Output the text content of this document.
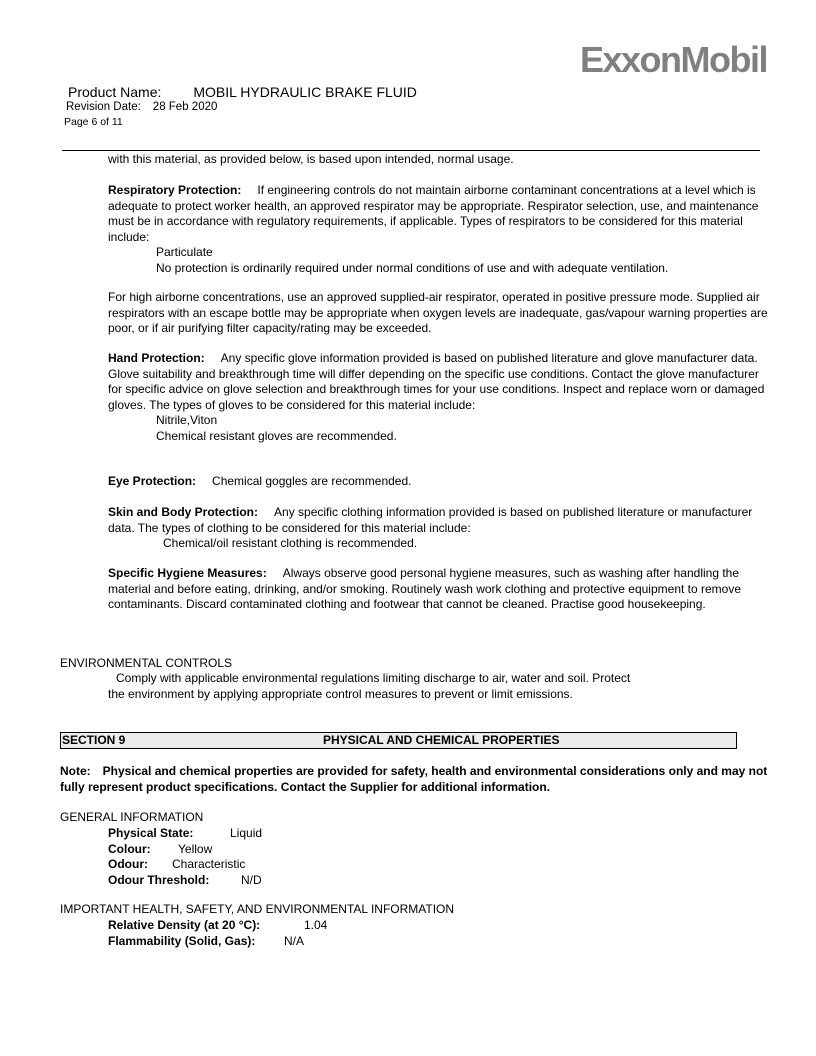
ExxonMobil
Product Name: MOBIL HYDRAULIC BRAKE FLUID
Revision Date: 28 Feb 2020
Page 6 of 11
with this material, as provided below, is based upon intended, normal usage.
Respiratory Protection: If engineering controls do not maintain airborne contaminant concentrations at a level which is adequate to protect worker health, an approved respirator may be appropriate. Respirator selection, use, and maintenance must be in accordance with regulatory requirements, if applicable. Types of respirators to be considered for this material include:
Particulate
No protection is ordinarily required under normal conditions of use and with adequate ventilation.
For high airborne concentrations, use an approved supplied-air respirator, operated in positive pressure mode. Supplied air respirators with an escape bottle may be appropriate when oxygen levels are inadequate, gas/vapour warning properties are poor, or if air purifying filter capacity/rating may be exceeded.
Hand Protection: Any specific glove information provided is based on published literature and glove manufacturer data. Glove suitability and breakthrough time will differ depending on the specific use conditions. Contact the glove manufacturer for specific advice on glove selection and breakthrough times for your use conditions. Inspect and replace worn or damaged gloves. The types of gloves to be considered for this material include:
Nitrile,Viton
Chemical resistant gloves are recommended.
Eye Protection: Chemical goggles are recommended.
Skin and Body Protection: Any specific clothing information provided is based on published literature or manufacturer data. The types of clothing to be considered for this material include:
Chemical/oil resistant clothing is recommended.
Specific Hygiene Measures: Always observe good personal hygiene measures, such as washing after handling the material and before eating, drinking, and/or smoking. Routinely wash work clothing and protective equipment to remove contaminants. Discard contaminated clothing and footwear that cannot be cleaned. Practise good housekeeping.
ENVIRONMENTAL CONTROLS
Comply with applicable environmental regulations limiting discharge to air, water and soil. Protect the environment by applying appropriate control measures to prevent or limit emissions.
SECTION 9	PHYSICAL AND CHEMICAL PROPERTIES
Note: Physical and chemical properties are provided for safety, health and environmental considerations only and may not fully represent product specifications. Contact the Supplier for additional information.
GENERAL INFORMATION
Physical State:	Liquid
Colour: Yellow
Odour: Characteristic
Odour Threshold:	N/D
IMPORTANT HEALTH, SAFETY, AND ENVIRONMENTAL INFORMATION
Relative Density (at 20 °C):	1.04
Flammability (Solid, Gas): N/A
